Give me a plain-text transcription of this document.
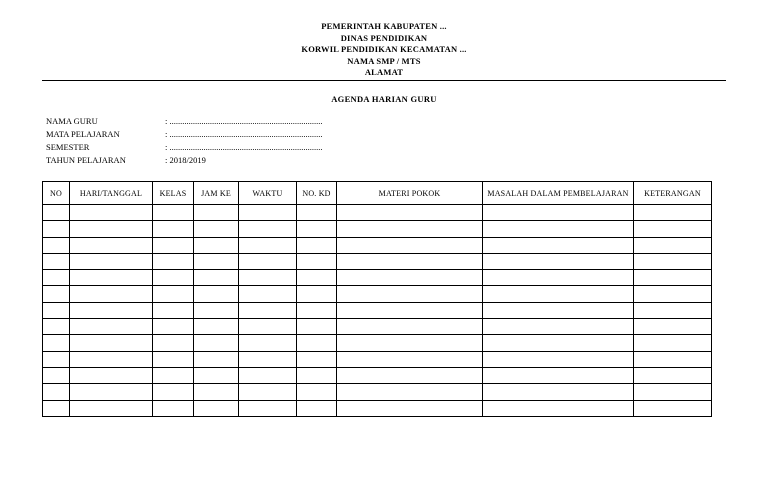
PEMERINTAH KABUPATEN ...
DINAS PENDIDIKAN
KORWIL PENDIDIKAN KECAMATAN ...
NAMA SMP / MTS
ALAMAT
AGENDA HARIAN GURU
NAMA GURU	: ........................................................................
MATA PELAJARAN	: ........................................................................
SEMESTER	: ........................................................................
TAHUN PELAJARAN	: 2018/2019
NO	HARI/TANGGAL	KELAS	JAM KE	WAKTU	NO. KD	MATERI POKOK	MASALAH DALAM PEMBELAJARAN	KETERANGAN
